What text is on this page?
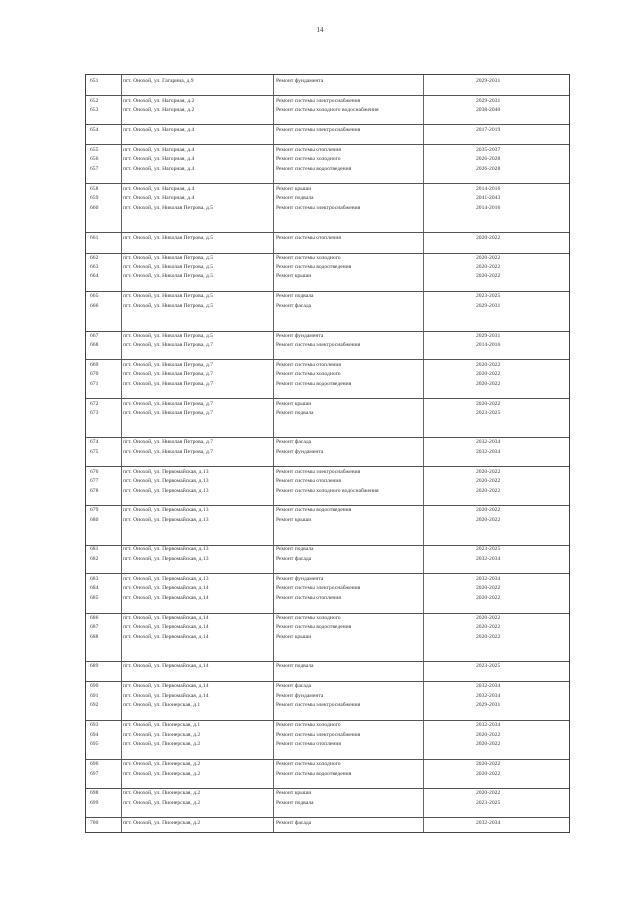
14
651	пгт. Онохой, ул. Гагарина, д.9	Ремонт фундамента	2029-2031
652	пгт. Онохой, ул. Нагорная, д.2	Ремонт системы электроснабжения	2029-2031
653	пгт. Онохой, ул. Нагорная, д.2	Ремонт системы холодного водоснабжения	2038-2040
654	пгт. Онохой, ул. Нагорная, д.4	Ремонт системы электроснабжения	2017-2019
655	пгт. Онохой, ул. Нагорная, д.4	Ремонт системы отопления	2035-2037
656	пгт. Онохой, ул. Нагорная, д.4	Ремонт системы холодного	2026-2028
657	пгт. Онохой, ул. Нагорная, д.4	Ремонт системы водоотведения	2026-2028
658	пгт. Онохой, ул. Нагорная, д.4	Ремонт крыши	2014-2016
659	пгт. Онохой, ул. Нагорная, д.4	Ремонт подвала	2041-2043
660	пгт. Онохой, ул. Николая Петрова, д.5	Ремонт системы электроснабжения	2014-2016
661	пгт. Онохой, ул. Николая Петрова, д.5	Ремонт системы отопления	2020-2022
662	пгт. Онохой, ул. Николая Петрова, д.5	Ремонт системы холодного	2020-2022
663	пгт. Онохой, ул. Николая Петрова, д.5	Ремонт системы водоотведения	2020-2022
664	пгт. Онохой, ул. Николая Петрова, д.5	Ремонт крыши	2020-2022
665	пгт. Онохой, ул. Николая Петрова, д.5	Ремонт подвала	2023-2025
666	пгт. Онохой, ул. Николая Петрова, д.5	Ремонт фасада	2029-2031
667	пгт. Онохой, ул. Николая Петрова, д.5	Ремонт фундамента	2029-2031
668	пгт. Онохой, ул. Николая Петрова, д.7	Ремонт системы электроснабжения	2014-2016
669	пгт. Онохой, ул. Николая Петрова, д.7	Ремонт системы отопления	2020-2022
670	пгт. Онохой, ул. Николая Петрова, д.7	Ремонт системы холодного	2020-2022
671	пгт. Онохой, ул. Николая Петрова, д.7	Ремонт системы водоотведения	2020-2022
672	пгт. Онохой, ул. Николая Петрова, д.7	Ремонт крыши	2020-2022
673	пгт. Онохой, ул. Николая Петрова, д.7	Ремонт подвала	2023-2025
674	пгт. Онохой, ул. Николая Петрова, д.7	Ремонт фасада	2032-2034
675	пгт. Онохой, ул. Николая Петрова, д.7	Ремонт фундамента	2032-2034
676	пгт. Онохой, ул. Первомайская, д.13	Ремонт системы электроснабжения	2020-2022
677	пгт. Онохой, ул. Первомайская, д.13	Ремонт системы отопления	2020-2022
678	пгт. Онохой, ул. Первомайская, д.13	Ремонт системы холодного водоснабжения	2020-2022
679	пгт. Онохой, ул. Первомайская, д.13	Ремонт системы водоотведения	2020-2022
680	пгт. Онохой, ул. Первомайская, д.13	Ремонт крыши	2020-2022
681	пгт. Онохой, ул. Первомайская, д.13	Ремонт подвала	2023-2025
682	пгт. Онохой, ул. Первомайская, д.13	Ремонт фасада	2032-2034
683	пгт. Онохой, ул. Первомайская, д.13	Ремонт фундамента	2032-2034
684	пгт. Онохой, ул. Первомайская, д.14	Ремонт системы электроснабжения	2020-2022
685	пгт. Онохой, ул. Первомайская, д.14	Ремонт системы отопления	2020-2022
686	пгт. Онохой, ул. Первомайская, д.14	Ремонт системы холодного	2020-2022
687	пгт. Онохой, ул. Первомайская, д.14	Ремонт системы водоотведения	2020-2022
688	пгт. Онохой, ул. Первомайская, д.14	Ремонт крыши	2020-2022
689	пгт. Онохой, ул. Первомайская, д.14	Ремонт подвала	2023-2025
690	пгт. Онохой, ул. Первомайская, д.14	Ремонт фасада	2032-2034
691	пгт. Онохой, ул. Первомайская, д.14	Ремонт фундамента	2032-2034
692	пгт. Онохой, ул. Пионерская, д.1	Ремонт системы электроснабжения	2029-2031
693	пгт. Онохой, ул. Пионерская, д.1	Ремонт системы холодного	2032-2034
694	пгт. Онохой, ул. Пионерская, д.2	Ремонт системы электроснабжения	2020-2022
695	пгт. Онохой, ул. Пионерская, д.2	Ремонт системы отопления	2020-2022
696	пгт. Онохой, ул. Пионерская, д.2	Ремонт системы холодного	2020-2022
697	пгт. Онохой, ул. Пионерская, д.2	Ремонт системы водоотведения	2020-2022
698	пгт. Онохой, ул. Пионерская, д.2	Ремонт крыши	2020-2022
699	пгт. Онохой, ул. Пионерская, д.2	Ремонт подвала	2023-2025
700	пгт. Онохой, ул. Пионерская, д.2	Ремонт фасада	2032-2034
